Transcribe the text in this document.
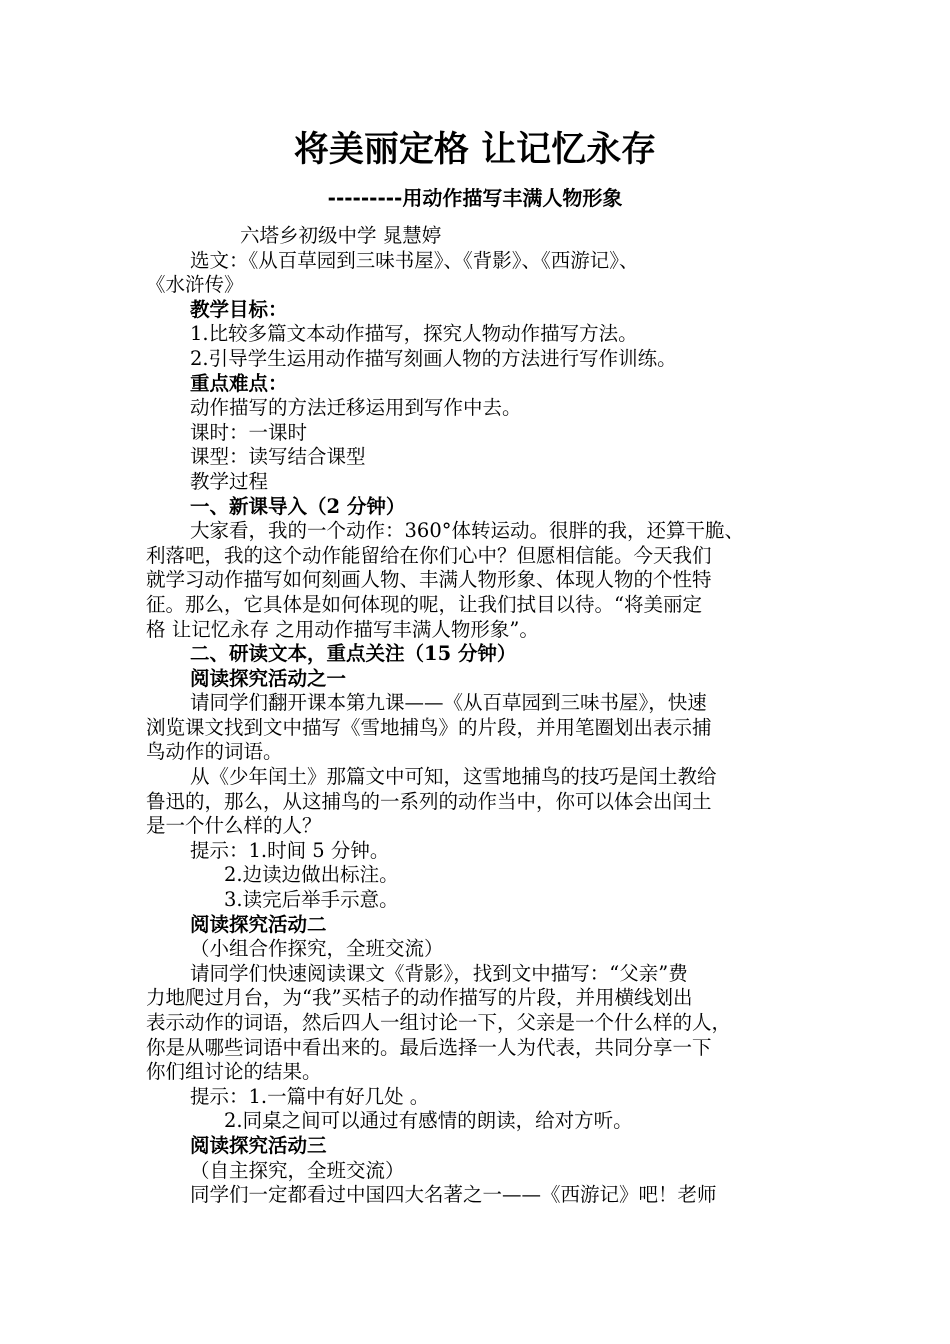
将美丽定格 让记忆永存
---------用动作描写丰满人物形象

六塔乡初级中学 晁慧婷

选文：《从百草园到三味书屋》、《背影》、《西游记》、

《水浒传》

教学目标：

1.比较多篇文本动作描写，探究人物动作描写方法。

2.引导学生运用动作描写刻画人物的方法进行写作训练。

重点难点：

动作描写的方法迁移运用到写作中去。

课时：一课时

课型：读写结合课型

教学过程

一、新课导入（2 分钟）

大家看，我的一个动作：360°体转运动。很胖的我，还算干脆、

利落吧，我的这个动作能留给在你们心中？但愿相信能。今天我们

就学习动作描写如何刻画人物、丰满人物形象、体现人物的个性特

征。那么，它具体是如何体现的呢，让我们拭目以待。“将美丽定

格 让记忆永存 之用动作描写丰满人物形象”。

二、研读文本，重点关注（15 分钟）

阅读探究活动之一

请同学们翻开课本第九课——《从百草园到三味书屋》，快速

浏览课文找到文中描写《雪地捕鸟》的片段，并用笔圈划出表示捕

鸟动作的词语。

从《少年闰土》那篇文中可知，这雪地捕鸟的技巧是闰土教给

鲁迅的，那么，从这捕鸟的一系列的动作当中，你可以体会出闰土

是一个什么样的人？

提示：1.时间 5 分钟。

2.边读边做出标注。

3.读完后举手示意。

阅读探究活动二

（小组合作探究，全班交流）

请同学们快速阅读课文《背影》，找到文中描写：“父亲”费

力地爬过月台，为“我”买桔子的动作描写的片段，并用横线划出

表示动作的词语，然后四人一组讨论一下，父亲是一个什么样的人，

你是从哪些词语中看出来的。最后选择一人为代表，共同分享一下

你们组讨论的结果。

提示：1.一篇中有好几处 。

2.同桌之间可以通过有感情的朗读，给对方听。

阅读探究活动三

（自主探究，全班交流）

同学们一定都看过中国四大名著之一——《西游记》吧！老师
